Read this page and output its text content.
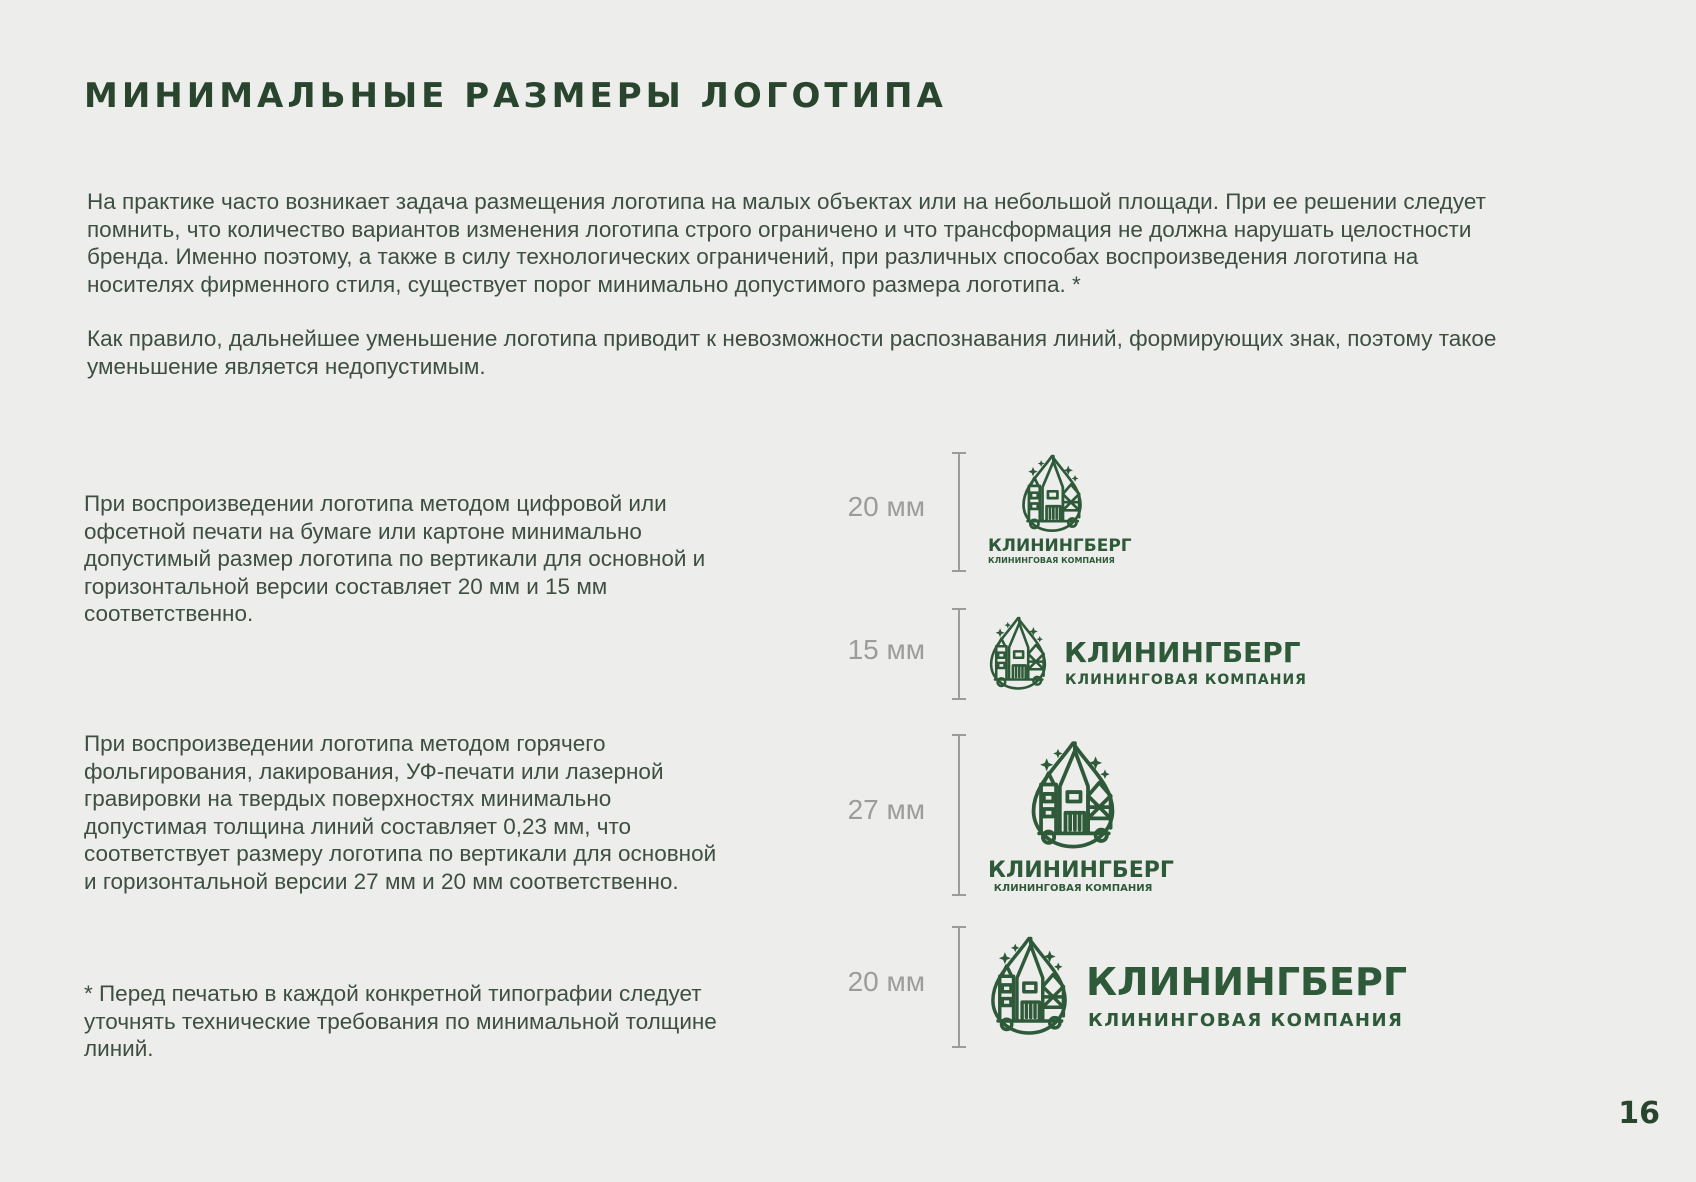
МИНИМАЛЬНЫЕ РАЗМЕРЫ ЛОГОТИПА

На практике часто возникает задача размещения логотипа на малых объектах или на небольшой площади. При ее решении следует помнить, что количество вариантов изменения логотипа строго ограничено и что трансформация не должна нарушать целостности бренда. Именно поэтому, а также в силу технологических ограничений, при различных способах воспроизведения логотипа на носителях фирменного стиля, существует порог минимально допустимого размера логотипа. *

Как правило, дальнейшее уменьшение логотипа приводит к невозможности распознавания линий, формирующих знак, поэтому такое уменьшение является недопустимым.

При воспроизведении логотипа методом цифровой или офсетной печати на бумаге или картоне минимально допустимый размер логотипа по вертикали для основной и горизонтальной версии составляет 20 мм и 15 мм соответственно.

При воспроизведении логотипа методом горячего фольгирования, лакирования, УФ-печати или лазерной гравировки на твердых поверхностях минимально допустимая толщина линий составляет 0,23 мм, что соответствует размеру логотипа по вертикали для основной и горизонтальной версии 27 мм и 20 мм соответственно.

* Перед печатью в каждой конкретной типографии следует уточнять технические требования по минимальной толщине линий.

20 мм
КЛИНИНГБЕРГ
КЛИНИНГОВАЯ КОМПАНИЯ
15 мм	КЛИНИНГБЕРГ
КЛИНИНГОВАЯ КОМПАНИЯ
27 мм
КЛИНИНГБЕРГ
КЛИНИНГОВАЯ КОМПАНИЯ
20 мм	КЛИНИНГБЕРГ
КЛИНИНГОВАЯ КОМПАНИЯ
16
